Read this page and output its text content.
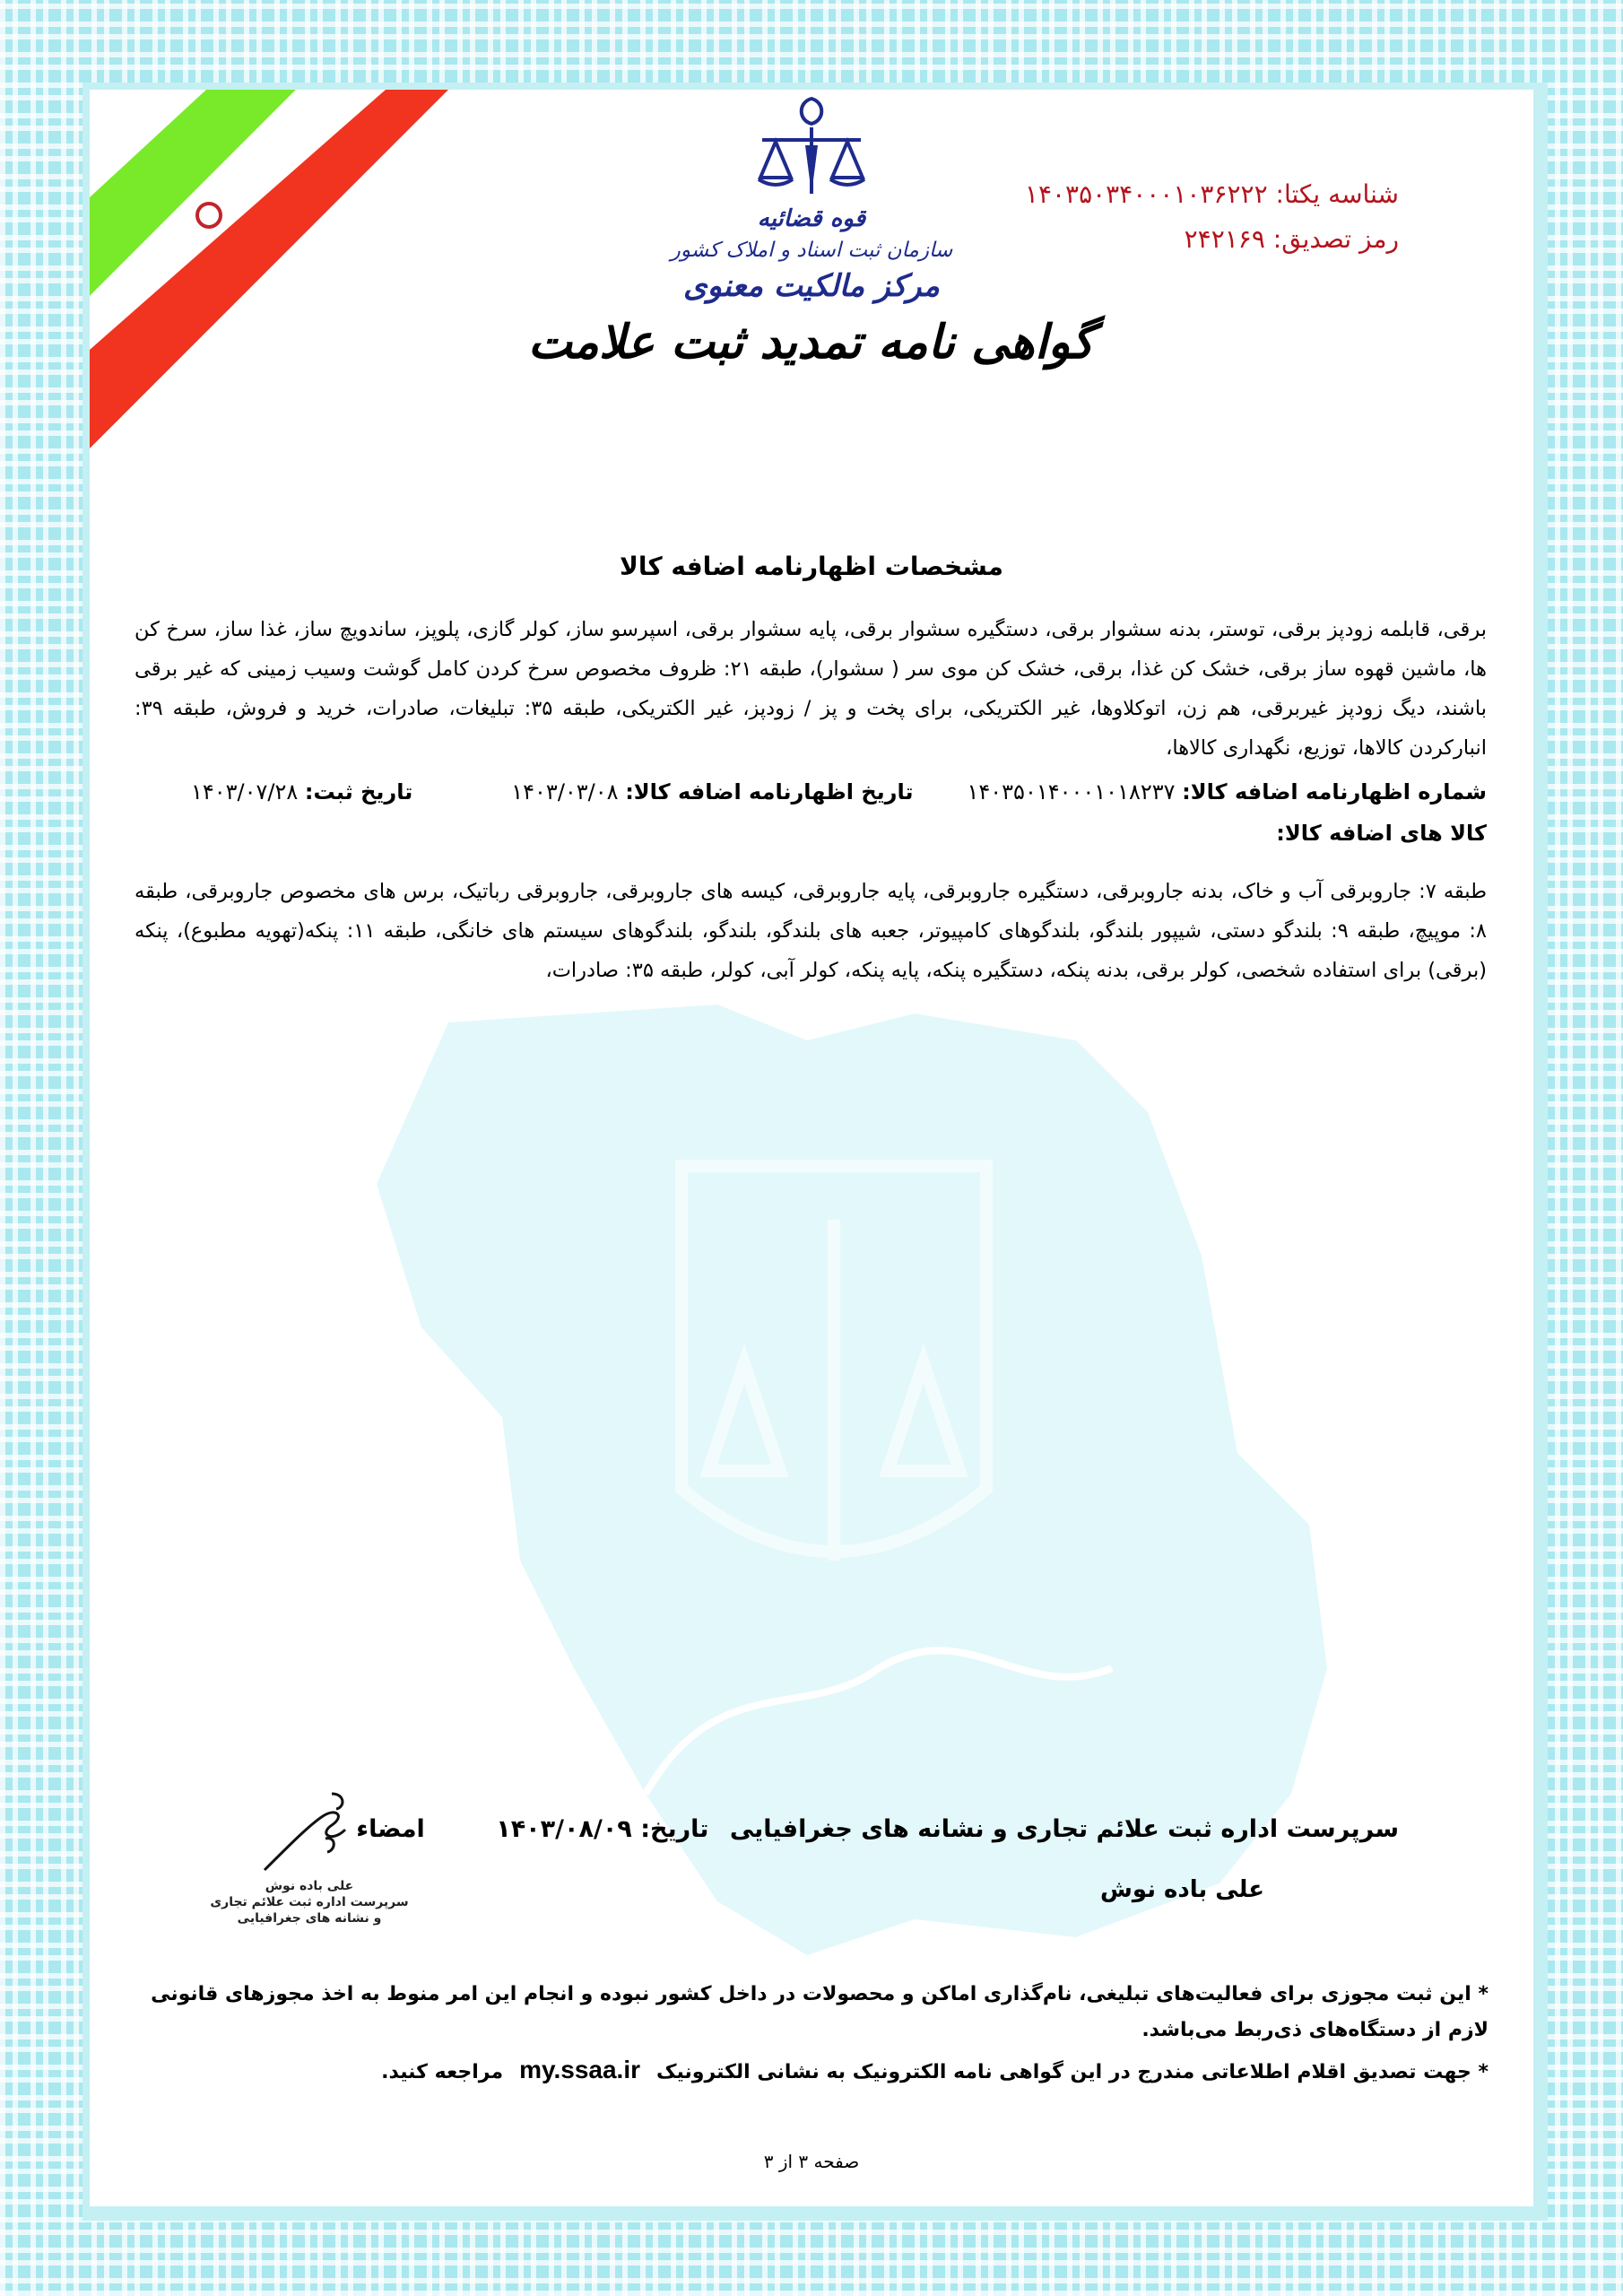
قوه قضائیه
سازمان ثبت اسناد و املاک کشور
مرکز مالکیت معنوی
گواهی نامه تمدید ثبت علامت
شناسه یکتا: ۱۴۰۳۵۰۳۴۰۰۰۱۰۳۶۲۲۲
رمز تصدیق: ۲۴۲۱۶۹
مشخصات اظهارنامه اضافه کالا
برقی، قابلمه زودپز برقی، توستر، بدنه سشوار برقی، دستگیره سشوار برقی، پایه سشوار برقی، اسپرسو ساز، کولر گازی، پلوپز، ساندویچ ساز، غذا ساز، سرخ کن ها، ماشین قهوه ساز برقی، خشک کن غذا، برقی، خشک کن موی سر ( سشوار)، طبقه ۲۱: ظروف مخصوص سرخ کردن کامل گوشت وسیب زمینی که غیر برقی باشند، دیگ زودپز غیربرقی، هم زن، اتوکلاوها، غیر الکتریکی، برای پخت و پز / زودپز، غیر الکتریکی، طبقه ۳۵: تبلیغات، صادرات، خرید و فروش، طبقه ۳۹: انبارکردن کالاها، توزیع، نگهداری کالاها،
شماره اظهارنامه اضافه کالا: ۱۴۰۳۵۰۱۴۰۰۰۱۰۱۸۲۳۷
تاریخ اظهارنامه اضافه کالا: ۱۴۰۳/۰۳/۰۸
تاریخ ثبت: ۱۴۰۳/۰۷/۲۸
کالا های اضافه کالا:
طبقه ۷: جاروبرقی آب و خاک، بدنه جاروبرقی، دستگیره جاروبرقی، پایه جاروبرقی، کیسه های جاروبرقی، جاروبرقی رباتیک، برس های مخصوص جاروبرقی، طبقه ۸: موپیچ، طبقه ۹: بلندگو دستی، شیپور بلندگو، بلندگوهای کامپیوتر، جعبه های بلندگو، بلندگو، بلندگوهای سیستم های خانگی، طبقه ۱۱: پنکه(تهویه مطبوع)، پنکه (برقی) برای استفاده شخصی، کولر برقی، بدنه پنکه، دستگیره پنکه، پایه پنکه، کولر آبی، کولر، طبقه ۳۵: صادرات،
سرپرست اداره ثبت علائم تجاری و نشانه های جغرافیایی تاریخ: ۱۴۰۳/۰۸/۰۹ امضاء
علی باده نوش
علی باده نوش
سرپرست اداره ثبت علائم تجاری
و نشانه های جغرافیایی
* این ثبت مجوزی برای فعالیت‌های تبلیغی، نام‌گذاری اماکن و محصولات در داخل کشور نبوده و انجام این امر منوط به اخذ مجوزهای قانونی لازم از دستگاه‌های ذی‌ربط می‌باشد.
* جهت تصدیق اقلام اطلاعاتی مندرج در این گواهی نامه الکترونیک به نشانی الکترونیکmy.ssaa.irمراجعه کنید.
صفحه ۳ از ۳
